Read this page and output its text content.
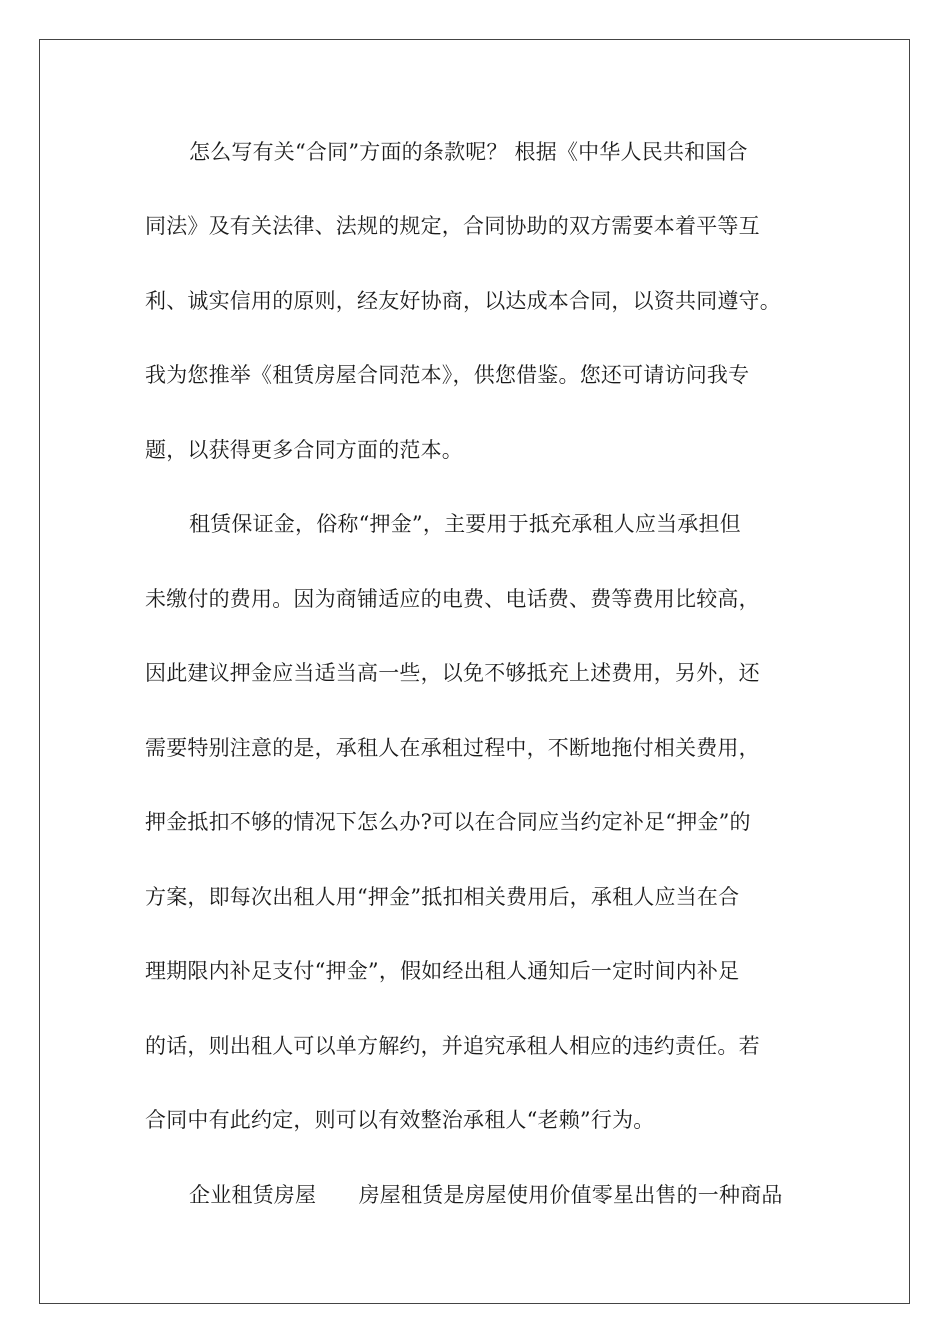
怎么写有关“合同”方面的条款呢？ 根据《中华人民共和国合
同法》及有关法律、法规的规定，合同协助的双方需要本着平等互
利、诚实信用的原则，经友好协商，以达成本合同，以资共同遵守。
我为您推举《租赁房屋合同范本》，供您借鉴。您还可请访问我专
题，以获得更多合同方面的范本。
租赁保证金，俗称“押金”，主要用于抵充承租人应当承担但
未缴付的费用。因为商铺适应的电费、电话费、费等费用比较高，
因此建议押金应当适当高一些，以免不够抵充上述费用，另外，还
需要特别注意的是，承租人在承租过程中，不断地拖付相关费用，
押金抵扣不够的情况下怎么办?可以在合同应当约定补足“押金”的
方案，即每次出租人用“押金”抵扣相关费用后，承租人应当在合
理期限内补足支付“押金”，假如经出租人通知后一定时间内补足
的话，则出租人可以单方解约，并追究承租人相应的违约责任。若
合同中有此约定，则可以有效整治承租人“老赖”行为。
企业租赁房屋　　房屋租赁是房屋使用价值零星出售的一种商品
